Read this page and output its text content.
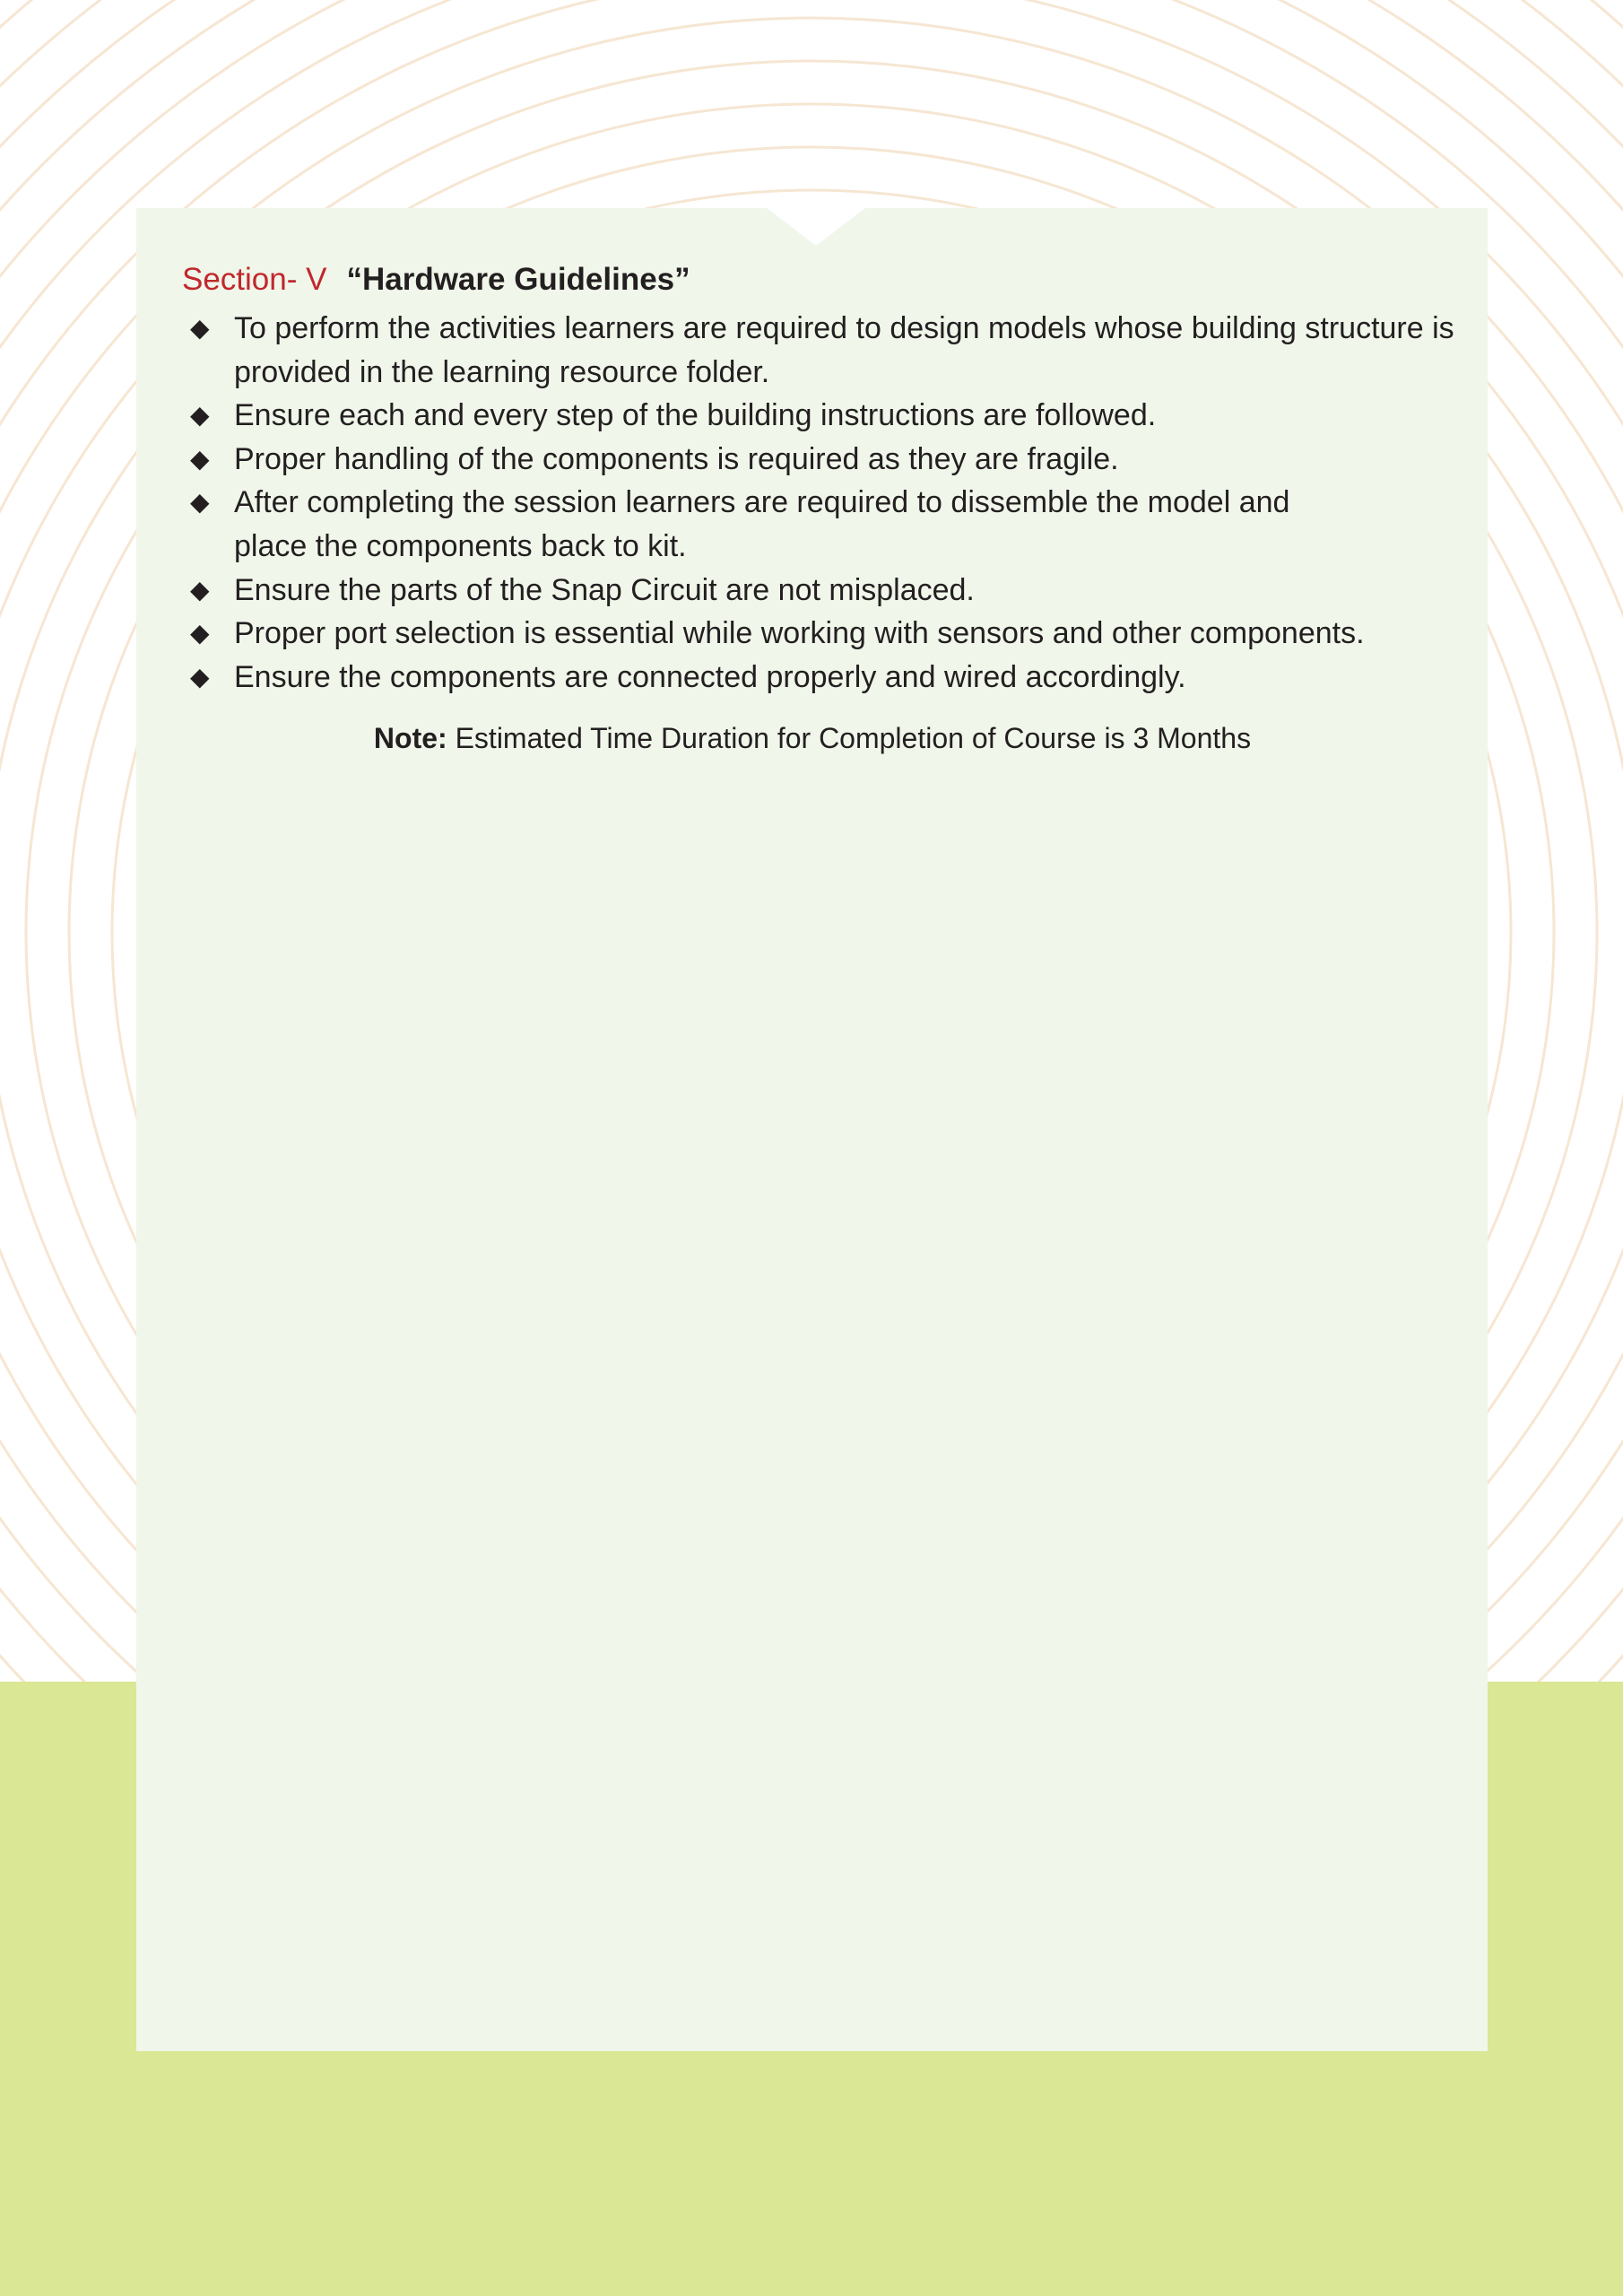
Section- V “Hardware Guidelines”
◆ To perform the activities learners are required to design models whose building structure is provided in the learning resource folder.
◆ Ensure each and every step of the building instructions are followed.
◆ Proper handling of the components is required as they are fragile.
◆ After completing the session learners are required to dissemble the model and place the components back to kit.
◆ Ensure the parts of the Snap Circuit are not misplaced.
◆ Proper port selection is essential while working with sensors and other components.
◆ Ensure the components are connected properly and wired accordingly.
Note: Estimated Time Duration for Completion of Course is 3 Months
